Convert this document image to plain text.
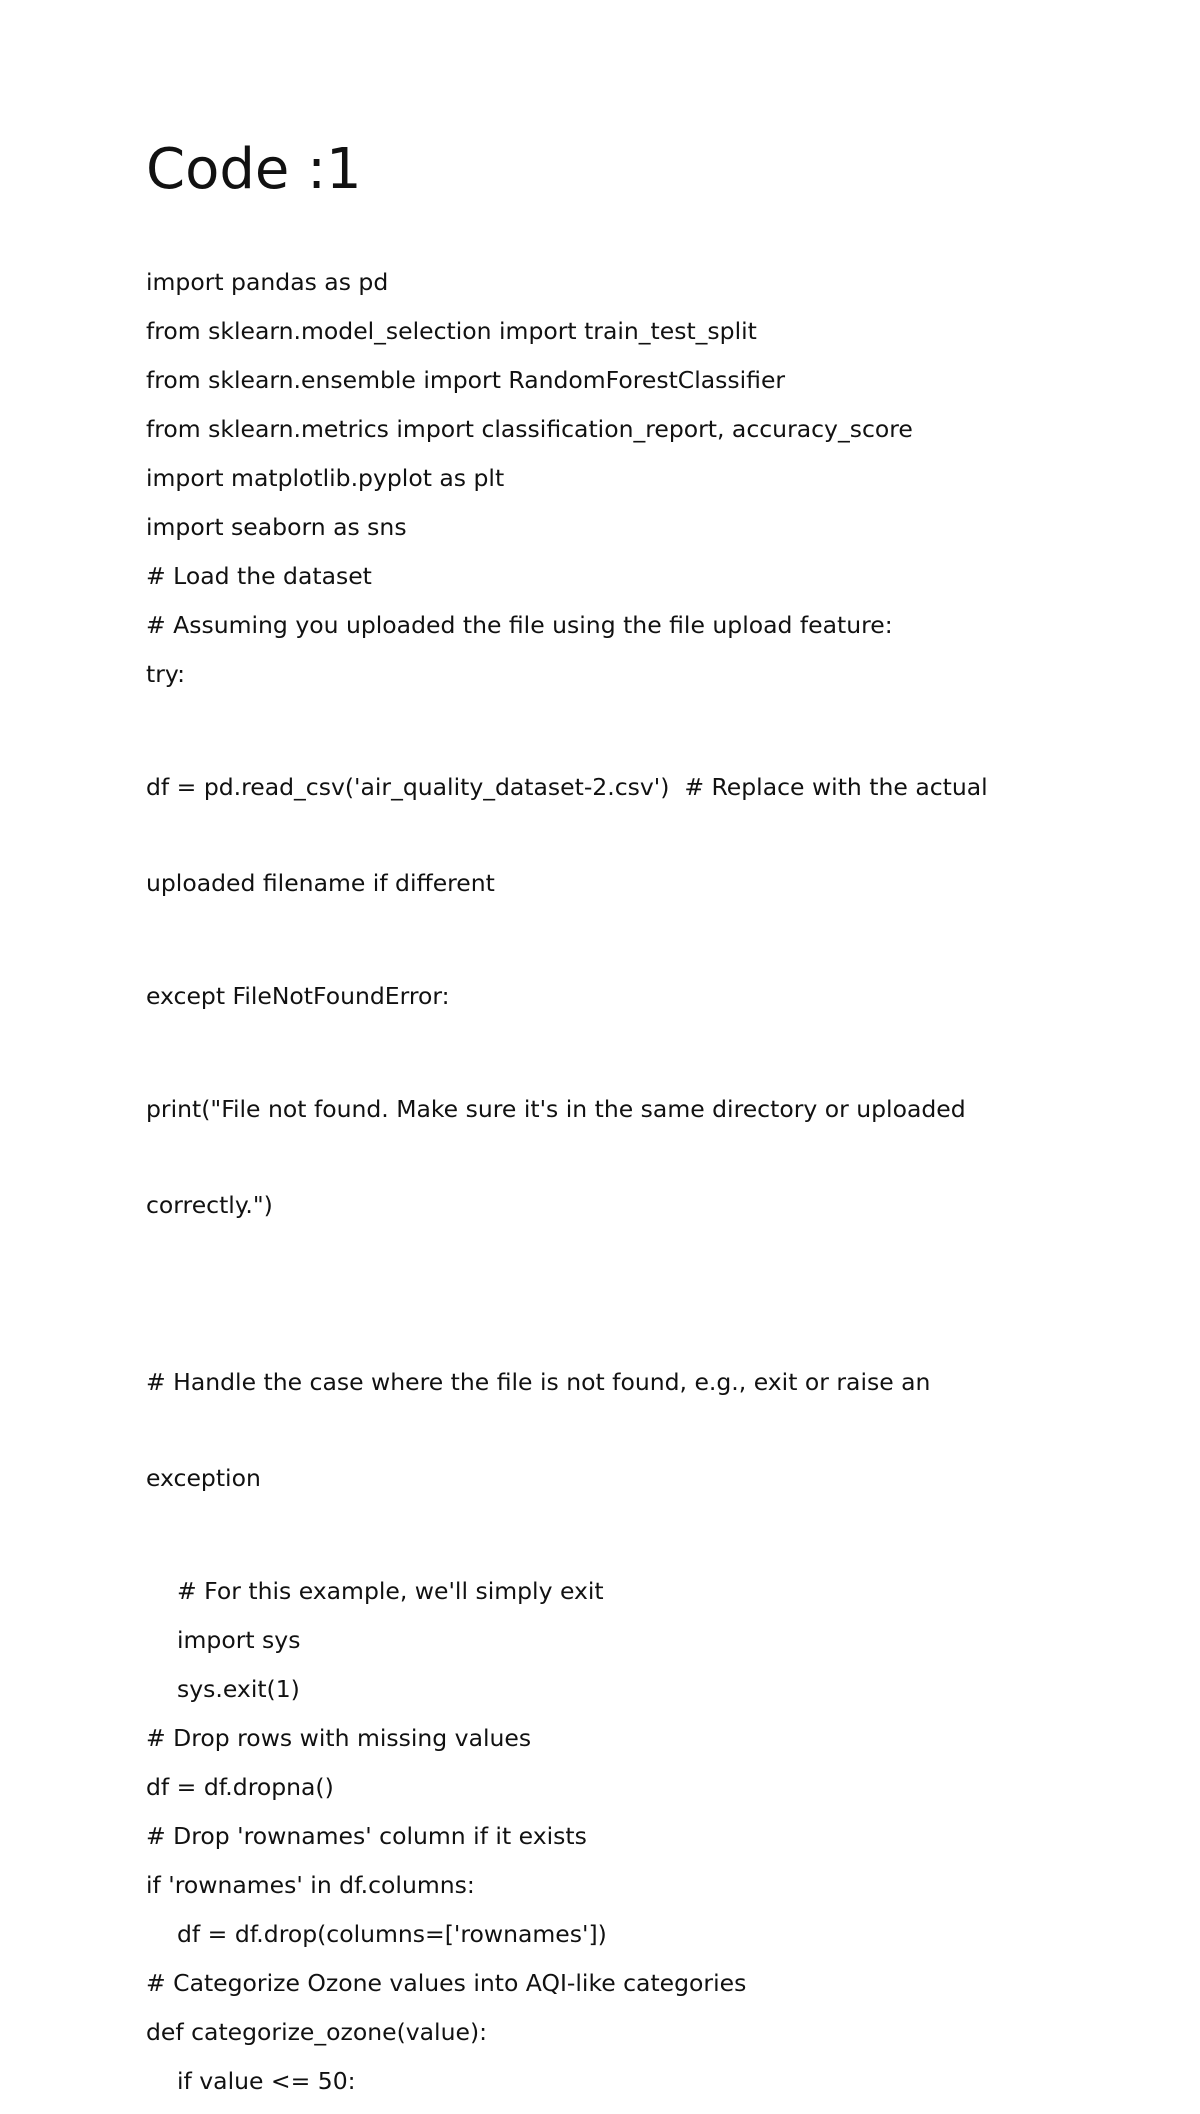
Code :1

import pandas as pd

from sklearn.model_selection import train_test_split

from sklearn.ensemble import RandomForestClassifier

from sklearn.metrics import classification_report, accuracy_score

import matplotlib.pyplot as plt

import seaborn as sns

# Load the dataset

# Assuming you uploaded the file using the file upload feature:

try:

df = pd.read_csv('air_quality_dataset-2.csv')  # Replace with the actual

uploaded filename if different

except FileNotFoundError:

print("File not found. Make sure it's in the same directory or uploaded

correctly.")

# Handle the case where the file is not found, e.g., exit or raise an

exception

# For this example, we'll simply exit

import sys

sys.exit(1)

# Drop rows with missing values

df = df.dropna()

# Drop 'rownames' column if it exists

if 'rownames' in df.columns:

df = df.drop(columns=['rownames'])

# Categorize Ozone values into AQI-like categories

def categorize_ozone(value):

if value <= 50:
